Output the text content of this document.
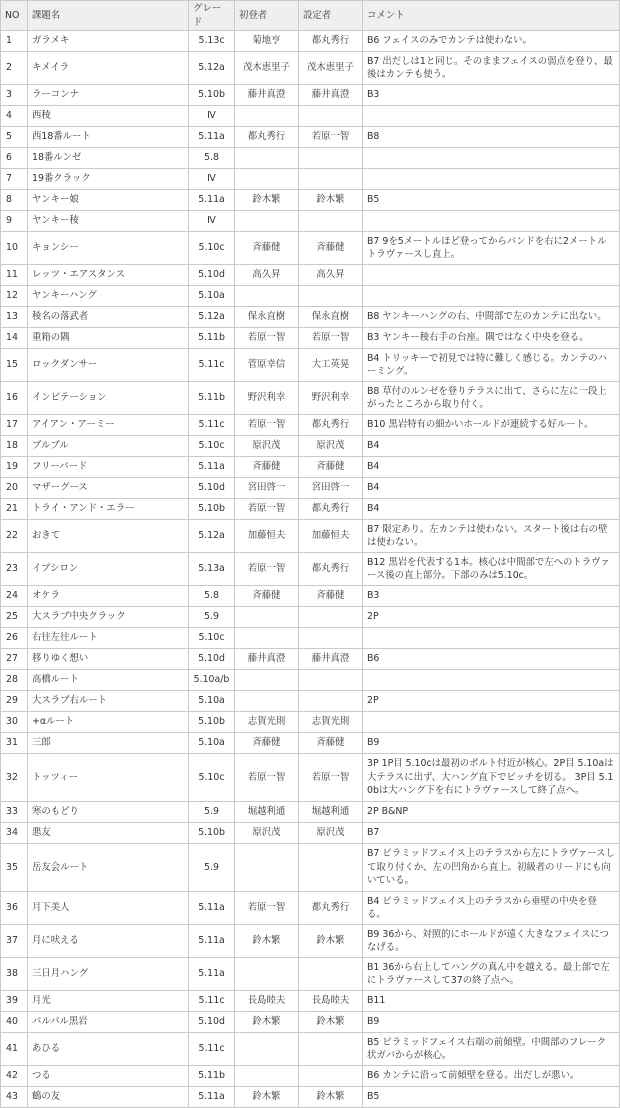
NO	課題名	グレード	初登者	設定者	コメント
1	ガラメキ	5.13c	菊地亨	都丸秀行	B6 フェイスのみでカンテは使わない。
2	キメイラ	5.12a	茂木恵里子	茂木恵里子	B7 出だしは1と同じ。そのままフェイスの弱点を登り、最後はカンテも使う。
3	ラーコンナ	5.10b	藤井真澄	藤井真澄	B3
4	西稜	Ⅳ			
5	西18番ルート	5.11a	都丸秀行	若原一智	B8
6	18番ルンゼ	5.8			
7	19番クラック	Ⅳ			
8	ヤンキー娘	5.11a	鈴木繁	鈴木繁	B5
9	ヤンキー稜	Ⅳ			
10	キョンシー	5.10c	斉藤健	斉藤健	B7 9を5メートルほど登ってからバンドを右に2メートルトラヴァースし直上。
11	レッツ・エアスタンス	5.10d	高久昇	高久昇	
12	ヤンキーハング	5.10a			
13	稜名の落武者	5.12a	保永直樹	保永直樹	B8 ヤンキーハングの右、中間部で左のカンテに出ない。
14	重箱の隅	5.11b	若原一智	若原一智	B3 ヤンキー稜右手の台座。隅ではなく中央を登る。
15	ロックダンサー	5.11c	菅原幸信	大工英晃	B4 トリッキーで初見では特に難しく感じる。カンテのハーミング。
16	インビテーション	5.11b	野沢利幸	野沢利幸	B8 草付のルンゼを登りテラスに出て、さらに左に一段上がったところから取り付く。
17	アイアン・アーミー	5.11c	若原一智	都丸秀行	B10 黒岩特有の細かいホールドが連続する好ルート。
18	ブルブル	5.10c	原沢茂	原沢茂	B4
19	フリーバード	5.11a	斉藤健	斉藤健	B4
20	マザーグース	5.10d	宮田啓一	宮田啓一	B4
21	トライ・アンド・エラー	5.10b	若原一智	都丸秀行	B4
22	おきて	5.12a	加藤恒夫	加藤恒夫	B7 限定あり。左カンテは使わない。スタート後は右の壁は使わない。
23	イプシロン	5.13a	若原一智	都丸秀行	B12 黒岩を代表する1本。核心は中間部で左へのトラヴァース後の直上部分。下部のみは5.10c。
24	オケラ	5.8	斉藤健	斉藤健	B3
25	大スラブ中央クラック	5.9			2P
26	右往左往ルート	5.10c			
27	移りゆく想い	5.10d	藤井真澄	藤井真澄	B6
28	高橋ルート	5.10a/b			
29	大スラブ右ルート	5.10a			2P
30	+αルート	5.10b	志賀光則	志賀光則	
31	三郎	5.10a	斉藤健	斉藤健	B9
32	トッツィー	5.10c	若原一智	若原一智	3P 1P目 5.10cは最初のボルト付近が核心。2P目 5.10aは大テラスに出ず、大ハング直下でピッチを切る。 3P目 5.10bは大ハング下を右にトラヴァースして終了点へ。
33	寒のもどり	5.9	堀越利通	堀越利通	2P B&NP
34	悪友	5.10b	原沢茂	原沢茂	B7
35	岳友会ルート	5.9			B7 ピラミッドフェイス上のテラスから左にトラヴァースして取り付くか、左の凹角から直上。初級者のリードにも向いている。
36	月下美人	5.11a	若原一智	都丸秀行	B4 ピラミッドフェイス上のテラスから垂壁の中央を登る。
37	月に吠える	5.11a	鈴木繁	鈴木繁	B9 36から、対照的にホールドが遠く大きなフェイスにつなげる。
38	三日月ハング	5.11a			B1 36から右上してハングの真ん中を越える。最上部で左にトラヴァースして37の終了点へ。
39	月光	5.11c	長島睦夫	長島睦夫	B11
40	パルパル黒岩	5.10d	鈴木繁	鈴木繁	B9
41	あひる	5.11c			B5 ピラミッドフェイス右端の前傾壁。中間部のフレーク状ガバからが核心。
42	つる	5.11b			B6 カンテに沿って前傾壁を登る。出だしが悪い。
43	鶴の友	5.11a	鈴木繁	鈴木繁	B5
